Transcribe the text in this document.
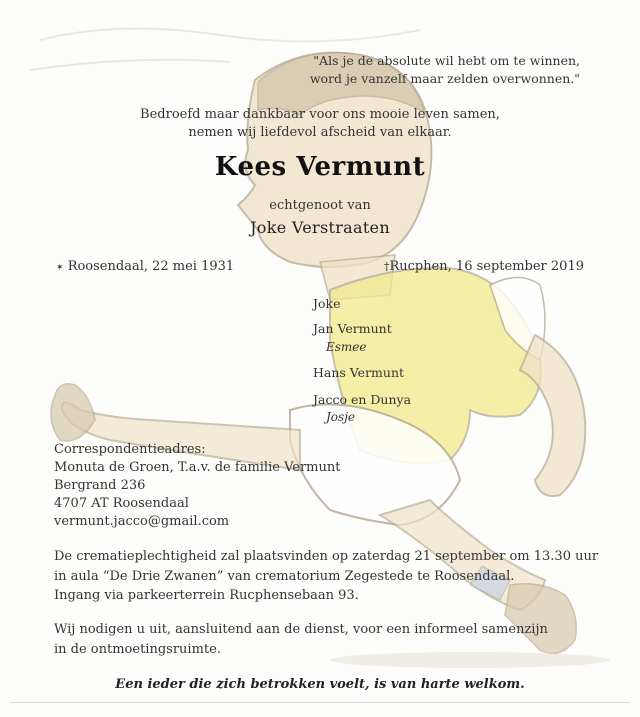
"Als je de absolute wil hebt om te winnen,
word je vanzelf maar zelden overwonnen."
Bedroefd maar dankbaar voor ons mooie leven samen,
nemen wij liefdevol afscheid van elkaar.
Kees Vermunt
echtgenoot van
Joke Verstraaten
✶ Roosendaal, 22 mei 1931	†Rucphen, 16 september 2019
Joke
Jan Vermunt
Esmee
Hans Vermunt
Jacco en Dunya
Josje
Correspondentieadres:
Monuta de Groen, T.a.v. de familie Vermunt
Bergrand 236
4707 AT Roosendaal
vermunt.jacco@gmail.com
De crematieplechtigheid zal plaatsvinden op zaterdag 21 september om 13.30 uur
in aula “De Drie Zwanen” van crematorium Zegestede te Roosendaal.
Ingang via parkeerterrein Rucphensebaan 93.
Wij nodigen u uit, aansluitend aan de dienst, voor een informeel samenzijn
in de ontmoetingsruimte.
Een ieder die zich betrokken voelt, is van harte welkom.
